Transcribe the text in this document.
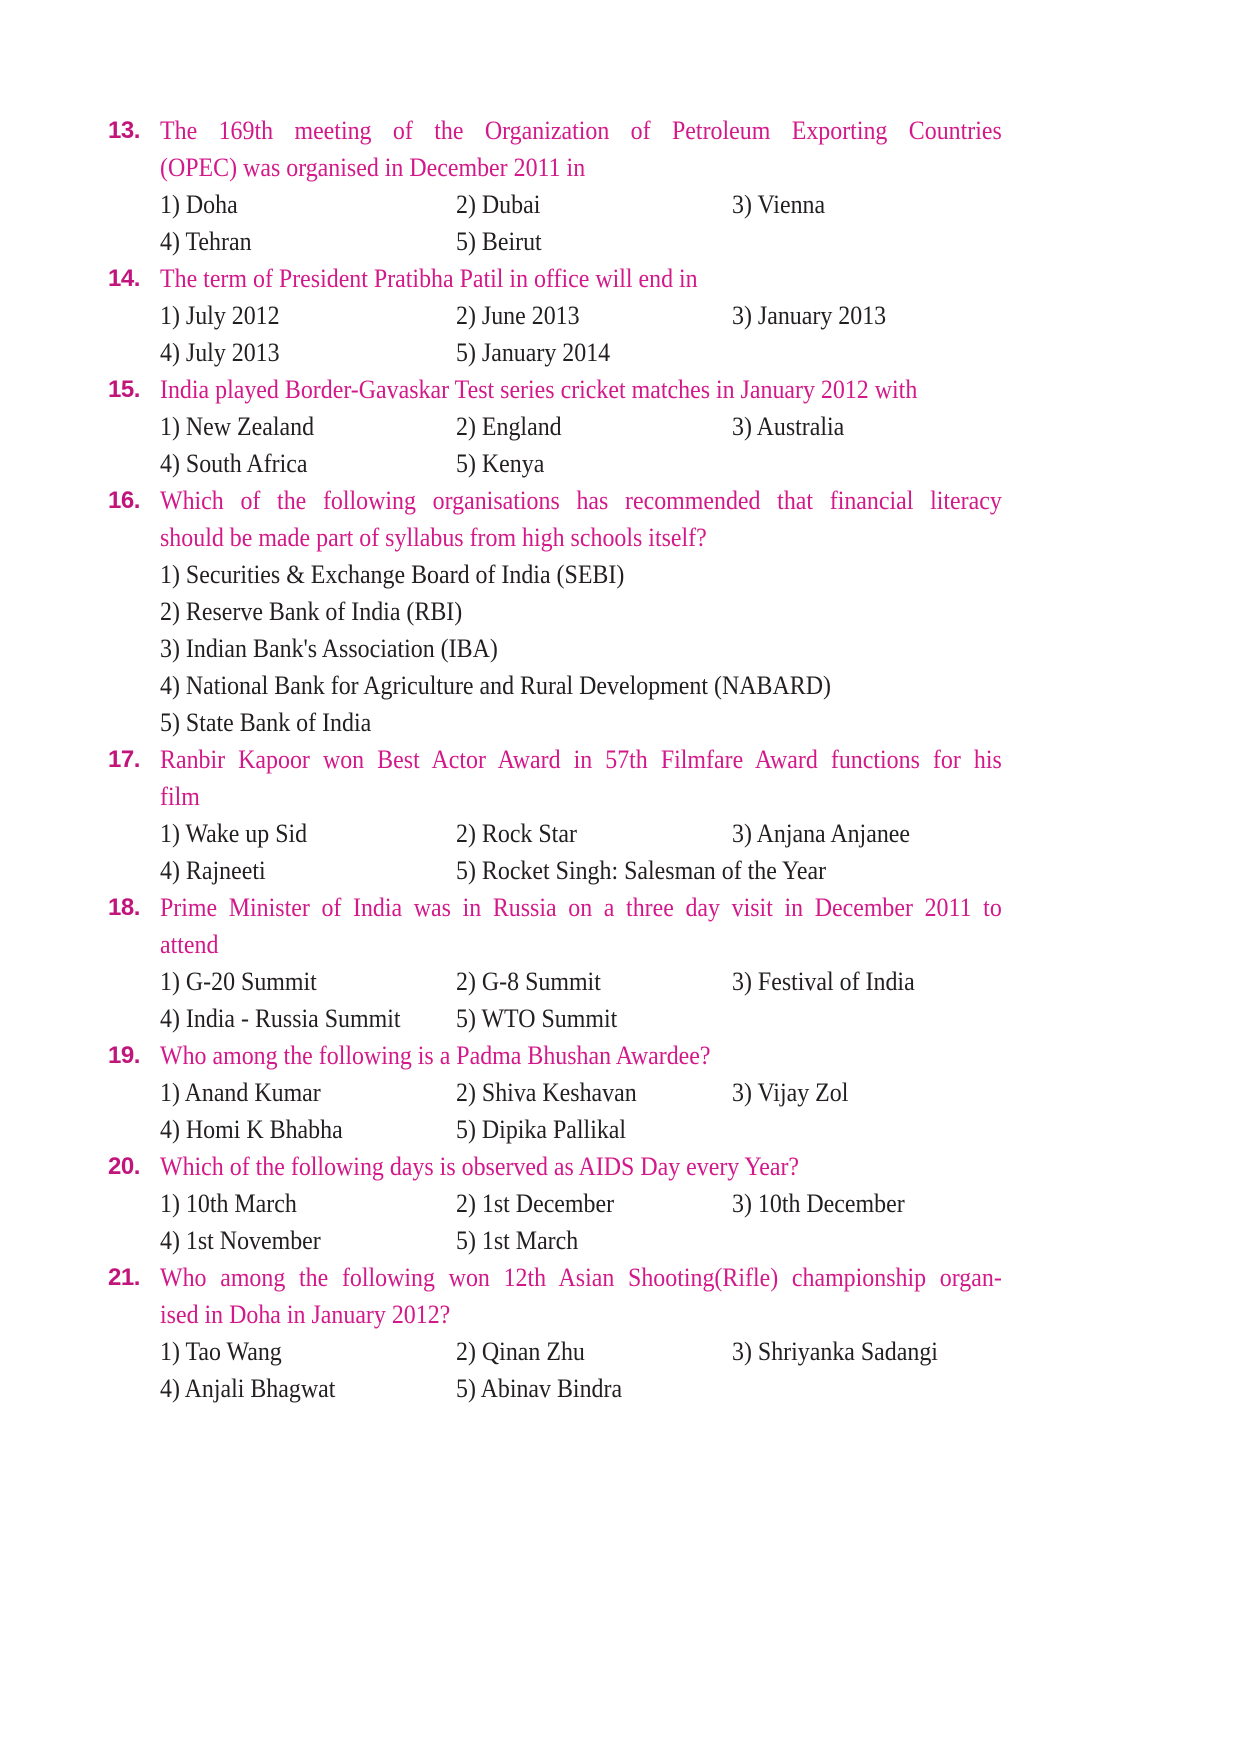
13. The 169th meeting of the Organization of Petroleum Exporting Countries
(OPEC) was organised in December 2011 in
1) Doha	2) Dubai	3) Vienna
4) Tehran	5) Beirut
14. The term of President Pratibha Patil in office will end in
1) July 2012	2) June 2013	3) January 2013
4) July 2013	5) January 2014
15. India played Border-Gavaskar Test series cricket matches in January 2012 with
1) New Zealand	2) England	3) Australia
4) South Africa	5) Kenya
16. Which of the following organisations has recommended that financial literacy
should be made part of syllabus from high schools itself?
1) Securities & Exchange Board of India (SEBI)
2) Reserve Bank of India (RBI)
3) Indian Bank's Association (IBA)
4) National Bank for Agriculture and Rural Development (NABARD)
5) State Bank of India
17. Ranbir Kapoor won Best Actor Award in 57th Filmfare Award functions for his
film
1) Wake up Sid	2) Rock Star	3) Anjana Anjanee
4) Rajneeti	5) Rocket Singh: Salesman of the Year
18. Prime Minister of India was in Russia on a three day visit in December 2011 to
attend
1) G-20 Summit	2) G-8 Summit	3) Festival of India
4) India - Russia Summit 5) WTO Summit
19. Who among the following is a Padma Bhushan Awardee?
1) Anand Kumar	2) Shiva Keshavan	3) Vijay Zol
4) Homi K Bhabha	5) Dipika Pallikal
20. Which of the following days is observed as AIDS Day every Year?
1) 10th March	2) 1st December	3) 10th December
4) 1st November	5) 1st March
21. Who among the following won 12th Asian Shooting(Rifle) championship organ-
ised in Doha in January 2012?
1) Tao Wang	2) Qinan Zhu	3) Shriyanka Sadangi
4) Anjali Bhagwat	5) Abinav Bindra
